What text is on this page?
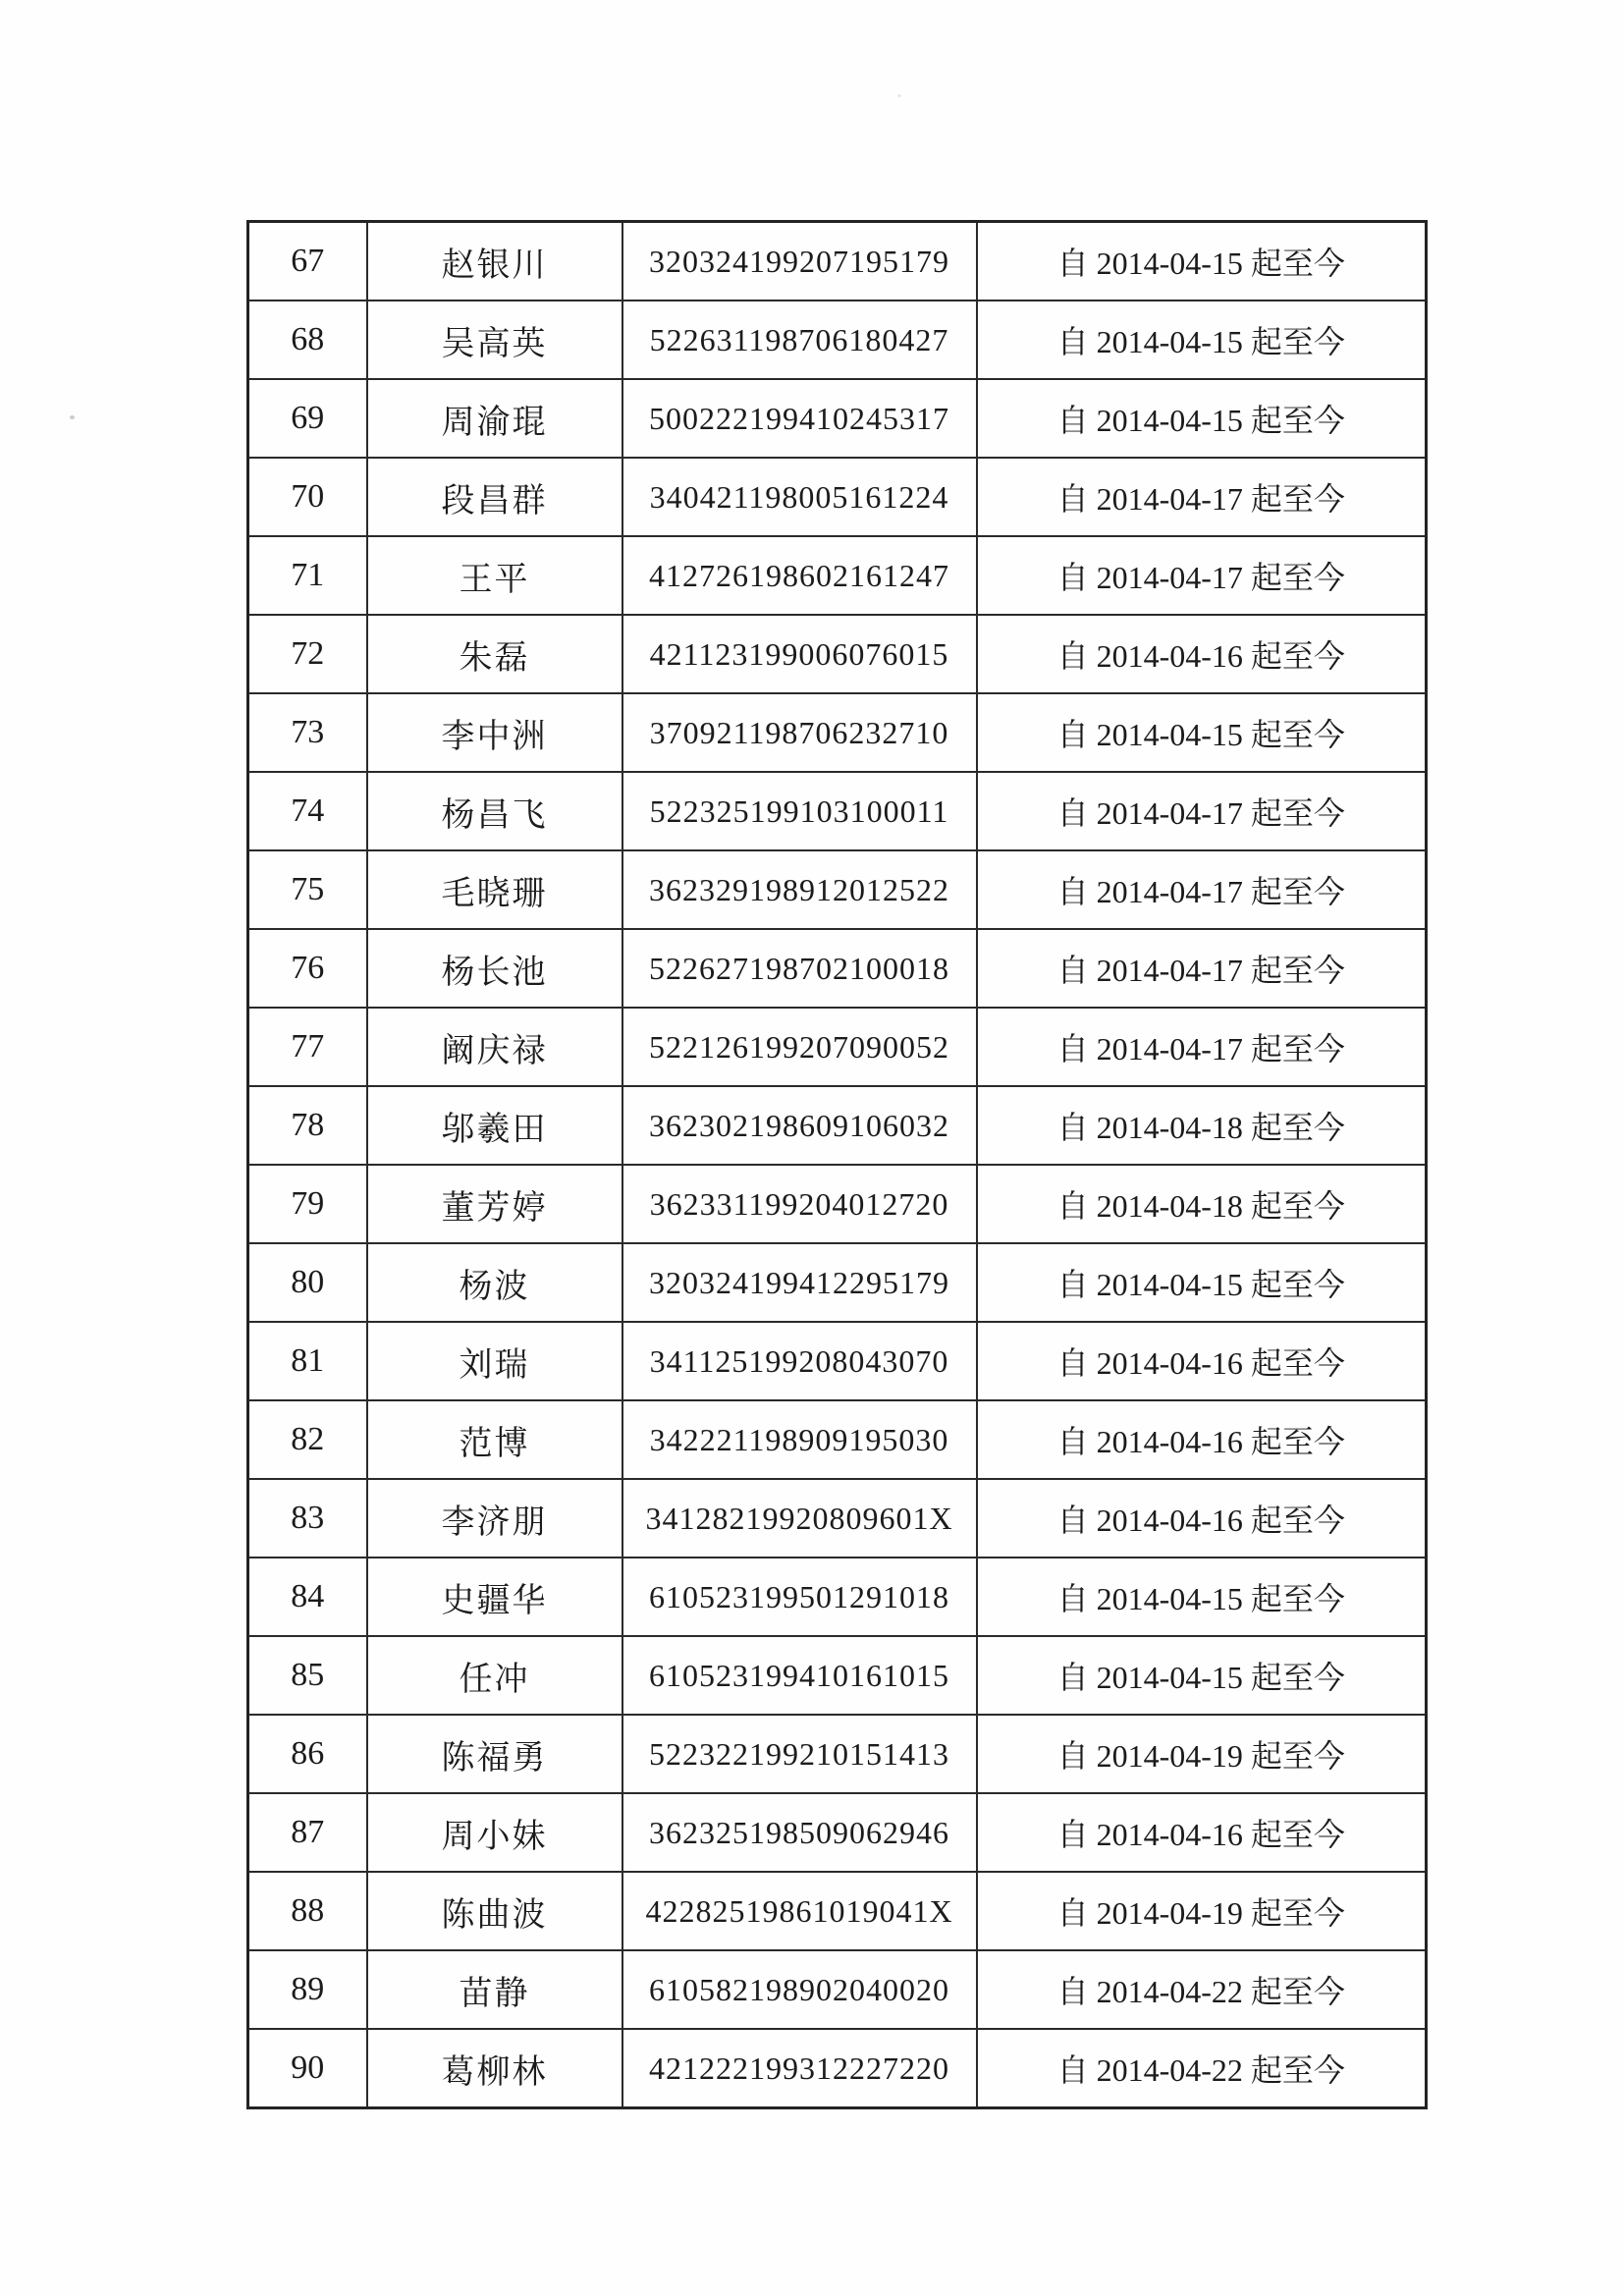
67	赵银川	320324199207195179	自 2014-04-15 起至今
68	吴高英	522631198706180427	自 2014-04-15 起至今
69	周渝琨	500222199410245317	自 2014-04-15 起至今
70	段昌群	340421198005161224	自 2014-04-17 起至今
71	王平	412726198602161247	自 2014-04-17 起至今
72	朱磊	421123199006076015	自 2014-04-16 起至今
73	李中洲	370921198706232710	自 2014-04-15 起至今
74	杨昌飞	522325199103100011	自 2014-04-17 起至今
75	毛晓珊	362329198912012522	自 2014-04-17 起至今
76	杨长池	522627198702100018	自 2014-04-17 起至今
77	阚庆禄	522126199207090052	自 2014-04-17 起至今
78	邬羲田	362302198609106032	自 2014-04-18 起至今
79	董芳婷	362331199204012720	自 2014-04-18 起至今
80	杨波	320324199412295179	自 2014-04-15 起至今
81	刘瑞	341125199208043070	自 2014-04-16 起至今
82	范博	342221198909195030	自 2014-04-16 起至今
83	李济朋	34128219920809601X	自 2014-04-16 起至今
84	史疆华	610523199501291018	自 2014-04-15 起至今
85	任冲	610523199410161015	自 2014-04-15 起至今
86	陈福勇	522322199210151413	自 2014-04-19 起至今
87	周小妹	362325198509062946	自 2014-04-16 起至今
88	陈曲波	42282519861019041X	自 2014-04-19 起至今
89	苗静	610582198902040020	自 2014-04-22 起至今
90	葛柳林	421222199312227220	自 2014-04-22 起至今
